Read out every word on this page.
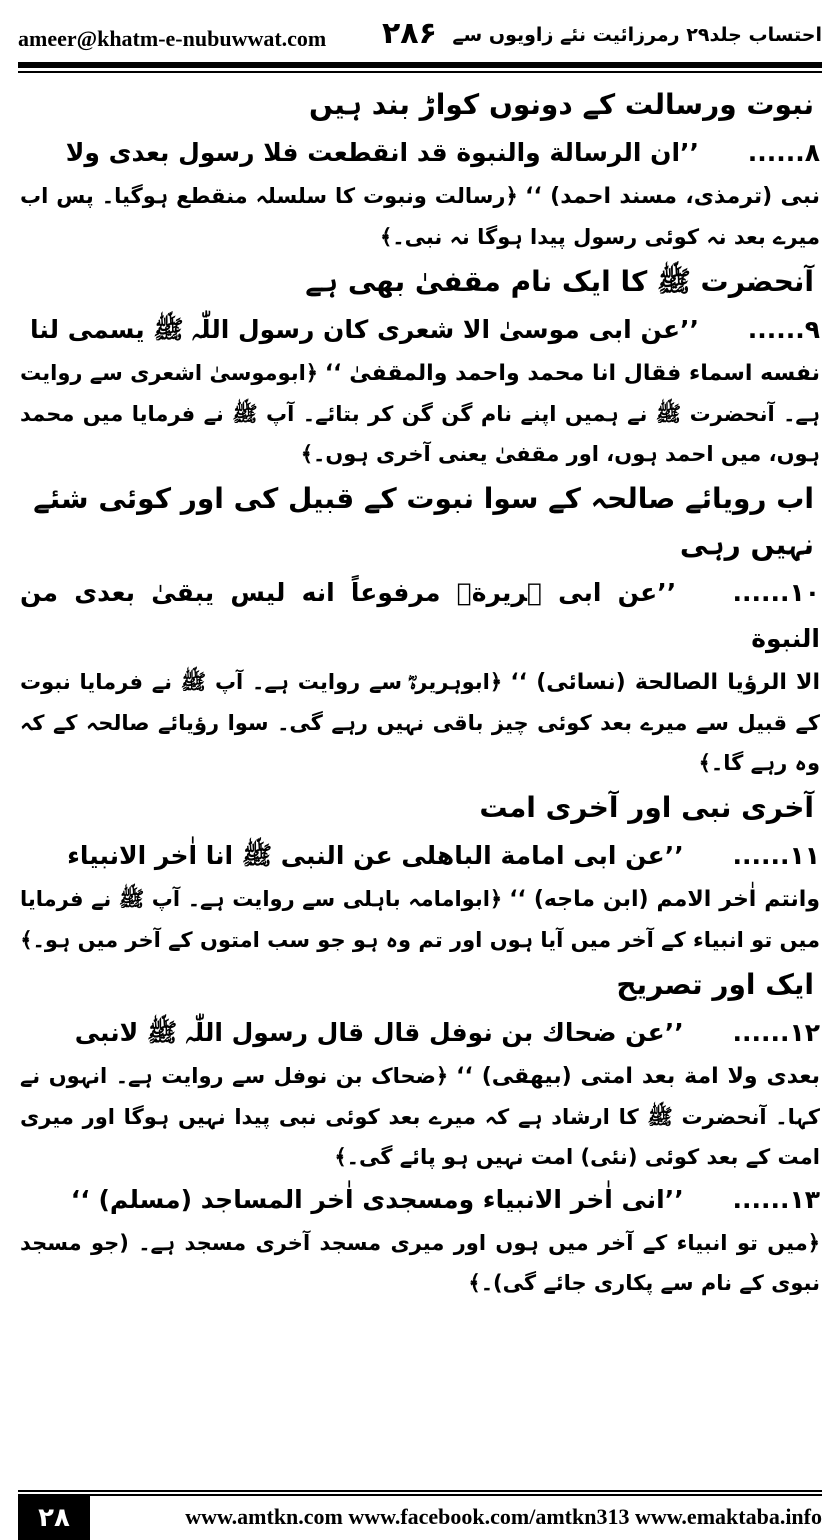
ameer@khatm-e-nubuwwat.com ۲۸۶ احتساب جلد۲۹ رمرزائیت نئے زاویوں سے
نبوت ورسالت کے دونوں کواڑ بند ہیں
۸...... ’’ان الرسالة والنبوة قد انقطعت فلا رسول بعدی ولا
نبی (ترمذی، مسند احمد) ‘‘ ﴿رسالت ونبوت کا سلسلہ منقطع ہوگیا۔ پس اب میرے بعد نہ کوئی رسول پیدا ہوگا نہ نبی۔﴾
آنحضرت ﷺ کا ایک نام مقفیٰ بھی ہے
۹...... ’’عن ابی موسیٰ الا شعری کان رسول اللّٰہ ﷺ یسمی لنا
نفسه اسماء فقال انا محمد واحمد والمقفیٰ ‘‘ ﴿ابوموسیٰ اشعری سے روایت ہے۔ آنحضرت ﷺ نے ہمیں اپنے نام گن گن کر بتائے۔ آپ ﷺ نے فرمایا میں محمد ہوں، میں احمد ہوں، اور مقفیٰ یعنی آخری ہوں۔﴾
اب رویائے صالحہ کے سوا نبوت کے قبیل کی اور کوئی شئے نہیں رہی
۱۰...... ’’عن ابی ہریرةؓ مرفوعاً انه لیس یبقیٰ بعدی من النبوة
الا الرؤیا الصالحة (نسائی) ‘‘ ﴿ابوہریرہؓ سے روایت ہے۔ آپ ﷺ نے فرمایا نبوت کے قبیل سے میرے بعد کوئی چیز باقی نہیں رہے گی۔ سوا رؤیائے صالحہ کے کہ وہ رہے گا۔﴾
آخری نبی اور آخری امت
۱۱...... ’’عن ابی امامة الباهلی عن النبی ﷺ انا اٰخر الانبیاء
وانتم اٰخر الامم (ابن ماجه) ‘‘ ﴿ابوامامہ باہلی سے روایت ہے۔ آپ ﷺ نے فرمایا میں تو انبیاء کے آخر میں آیا ہوں اور تم وہ ہو جو سب امتوں کے آخر میں ہو۔﴾
ایک اور تصریح
۱۲...... ’’عن ضحاك بن نوفل قال قال رسول اللّٰہ ﷺ لانبی
بعدی ولا امة بعد امتی (بیهقی) ‘‘ ﴿ضحاک بن نوفل سے روایت ہے۔ انہوں نے کہا۔ آنحضرت ﷺ کا ارشاد ہے کہ میرے بعد کوئی نبی پیدا نہیں ہوگا اور میری امت کے بعد کوئی (نئی) امت نہیں ہو پائے گی۔﴾
۱۳...... ’’انی اٰخر الانبیاء ومسجدی اٰخر المساجد (مسلم) ‘‘
﴿میں تو انبیاء کے آخر میں ہوں اور میری مسجد آخری مسجد ہے۔ (جو مسجد نبوی کے نام سے پکاری جائے گی)۔﴾
۲۸	www.amtkn.com www.facebook.com/amtkn313 www.emaktaba.info
